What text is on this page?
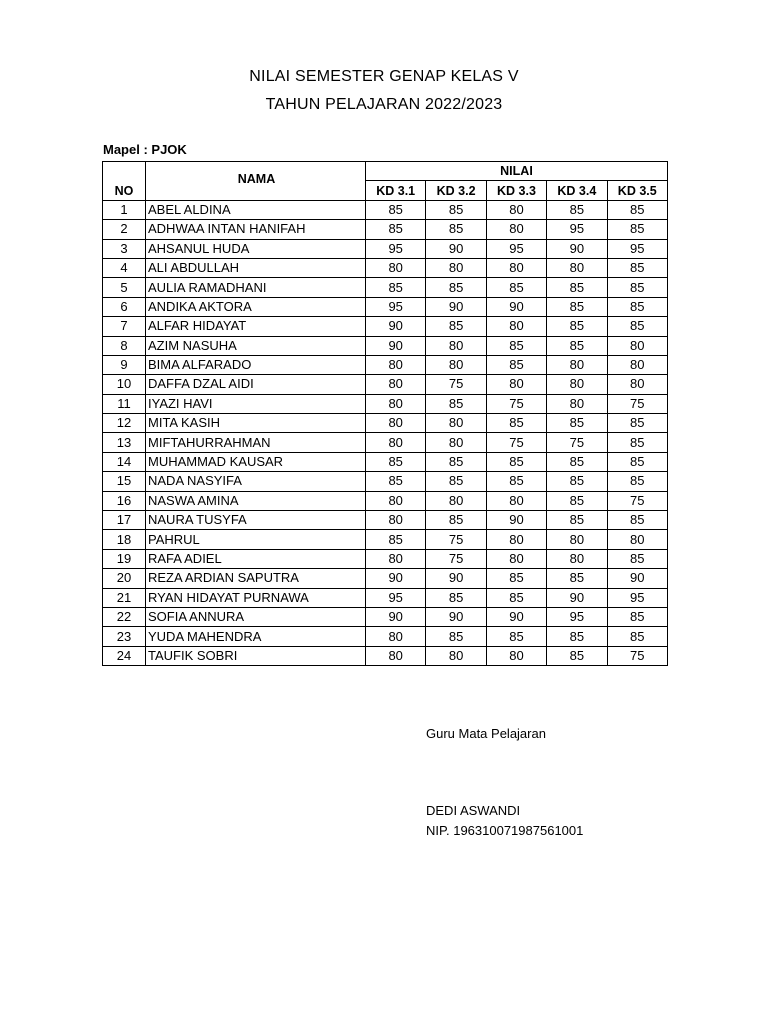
NILAI SEMESTER GENAP KELAS V
TAHUN PELAJARAN 2022/2023
Mapel : PJOK
NO	NAMA	NILAI				
		KD 3.1	KD 3.2	KD 3.3	KD 3.4	KD 3.5
1	ABEL ALDINA	85	85	80	85	85
2	ADHWAA INTAN HANIFAH	85	85	80	95	85
3	AHSANUL HUDA	95	90	95	90	95
4	ALI ABDULLAH	80	80	80	80	85
5	AULIA RAMADHANI	85	85	85	85	85
6	ANDIKA AKTORA	95	90	90	85	85
7	ALFAR HIDAYAT	90	85	80	85	85
8	AZIM NASUHA	90	80	85	85	80
9	BIMA ALFARADO	80	80	85	80	80
10	DAFFA DZAL AIDI	80	75	80	80	80
11	IYAZI HAVI	80	85	75	80	75
12	MITA KASIH	80	80	85	85	85
13	MIFTAHURRAHMAN	80	80	75	75	85
14	MUHAMMAD KAUSAR	85	85	85	85	85
15	NADA NASYIFA	85	85	85	85	85
16	NASWA AMINA	80	80	80	85	75
17	NAURA TUSYFA	80	85	90	85	85
18	PAHRUL	85	75	80	80	80
19	RAFA ADIEL	80	75	80	80	85
20	REZA ARDIAN SAPUTRA	90	90	85	85	90
21	RYAN HIDAYAT PURNAWA	95	85	85	90	95
22	SOFIA ANNURA	90	90	90	95	85
23	YUDA MAHENDRA	80	85	85	85	85
24	TAUFIK SOBRI	80	80	80	85	75
Guru Mata Pelajaran
DEDI ASWANDI
NIP. 196310071987561001
